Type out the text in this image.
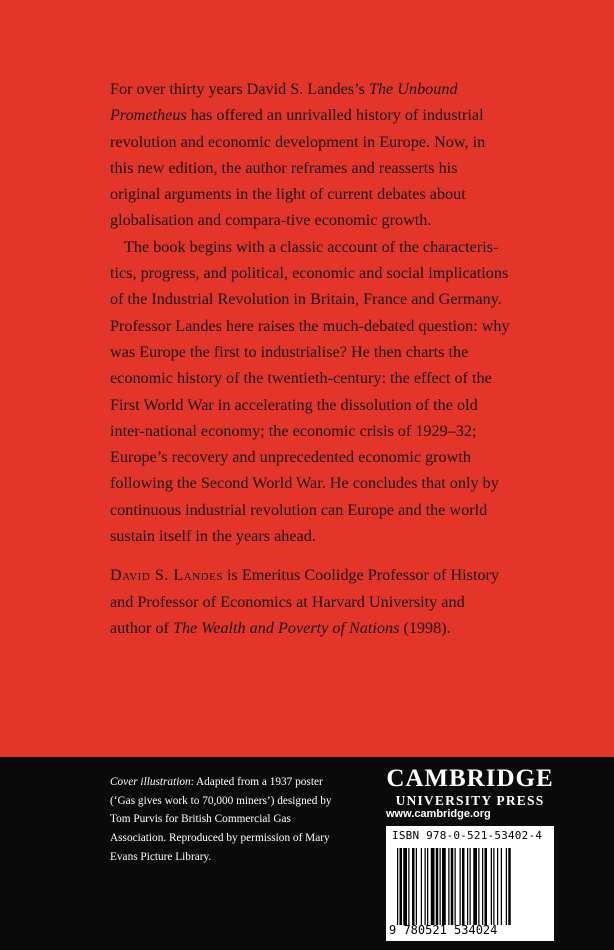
For over thirty years David S. Landes’s The Unbound Prometheus has offered an unrivalled history of industrial revolution and economic development in Europe. Now, in this new edition, the author reframes and reasserts his original arguments in the light of current debates about globalisation and compara-tive economic growth.

The book begins with a classic account of the characteris-tics, progress, and political, economic and social implications of the Industrial Revolution in Britain, France and Germany. Professor Landes here raises the much-debated question: why was Europe the first to industrialise? He then charts the economic history of the twentieth-century: the effect of the First World War in accelerating the dissolution of the old inter-national economy; the economic crisis of 1929–32; Europe’s recovery and unprecedented economic growth following the Second World War. He concludes that only by continuous industrial revolution can Europe and the world sustain itself in the years ahead.

David S. Landes is Emeritus Coolidge Professor of History and Professor of Economics at Harvard University and author of The Wealth and Poverty of Nations (1998).

Cover illustration: Adapted from a 1937 poster (‘Gas gives work to 70,000 miners’) designed by Tom Purvis for British Commercial Gas Association. Reproduced by permission of Mary Evans Picture Library.

CAMBRIDGE
UNIVERSITY PRESS
www.cambridge.org
ISBN 978-0-521-53402-4
9 780521 534024
